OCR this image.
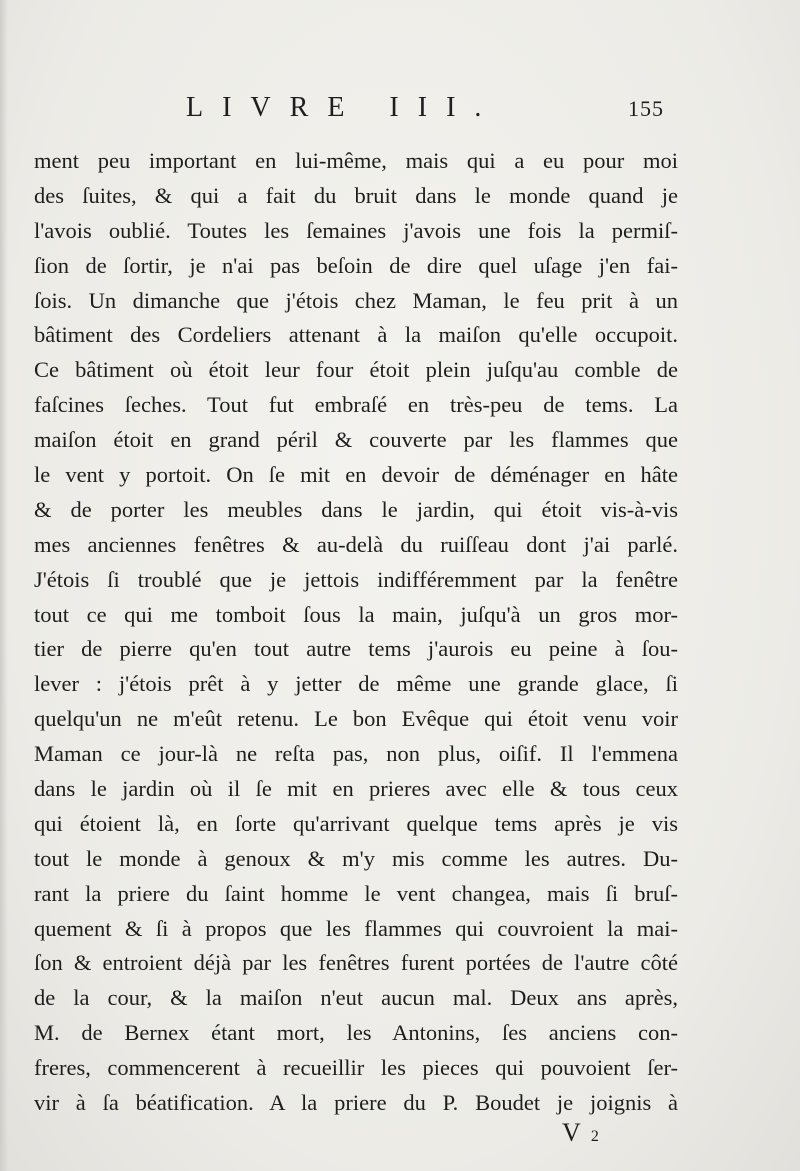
LIVRE III.	155
ment peu important en lui-même, mais qui a eu pour moi
des ſuites, & qui a fait du bruit dans le monde quand je
l'avois oublié. Toutes les ſemaines j'avois une fois la permiſ-
ſion de ſortir, je n'ai pas beſoin de dire quel uſage j'en fai-
ſois. Un dimanche que j'étois chez Maman, le feu prit à un
bâtiment des Cordeliers attenant à la maiſon qu'elle occupoit.
Ce bâtiment où étoit leur four étoit plein juſqu'au comble de
faſcines ſeches. Tout fut embraſé en très-peu de tems. La
maiſon étoit en grand péril & couverte par les flammes que
le vent y portoit. On ſe mit en devoir de déménager en hâte
& de porter les meubles dans le jardin, qui étoit vis-à-vis
mes anciennes fenêtres & au-delà du ruiſſeau dont j'ai parlé.
J'étois ſi troublé que je jettois indifféremment par la fenêtre
tout ce qui me tomboit ſous la main, juſqu'à un gros mor-
tier de pierre qu'en tout autre tems j'aurois eu peine à ſou-
lever : j'étois prêt à y jetter de même une grande glace, ſi
quelqu'un ne m'eût retenu. Le bon Evêque qui étoit venu voir
Maman ce jour-là ne reſta pas, non plus, oiſif. Il l'emmena
dans le jardin où il ſe mit en prieres avec elle & tous ceux
qui étoient là, en ſorte qu'arrivant quelque tems après je vis
tout le monde à genoux & m'y mis comme les autres. Du-
rant la priere du ſaint homme le vent changea, mais ſi bruſ-
quement & ſi à propos que les flammes qui couvroient la mai-
ſon & entroient déjà par les fenêtres furent portées de l'autre côté
de la cour, & la maiſon n'eut aucun mal. Deux ans après,
M. de Bernex étant mort, les Antonins, ſes anciens con-
freres, commencerent à recueillir les pieces qui pouvoient ſer-
vir à ſa béatification. A la priere du P. Boudet je joignis à
V 2
